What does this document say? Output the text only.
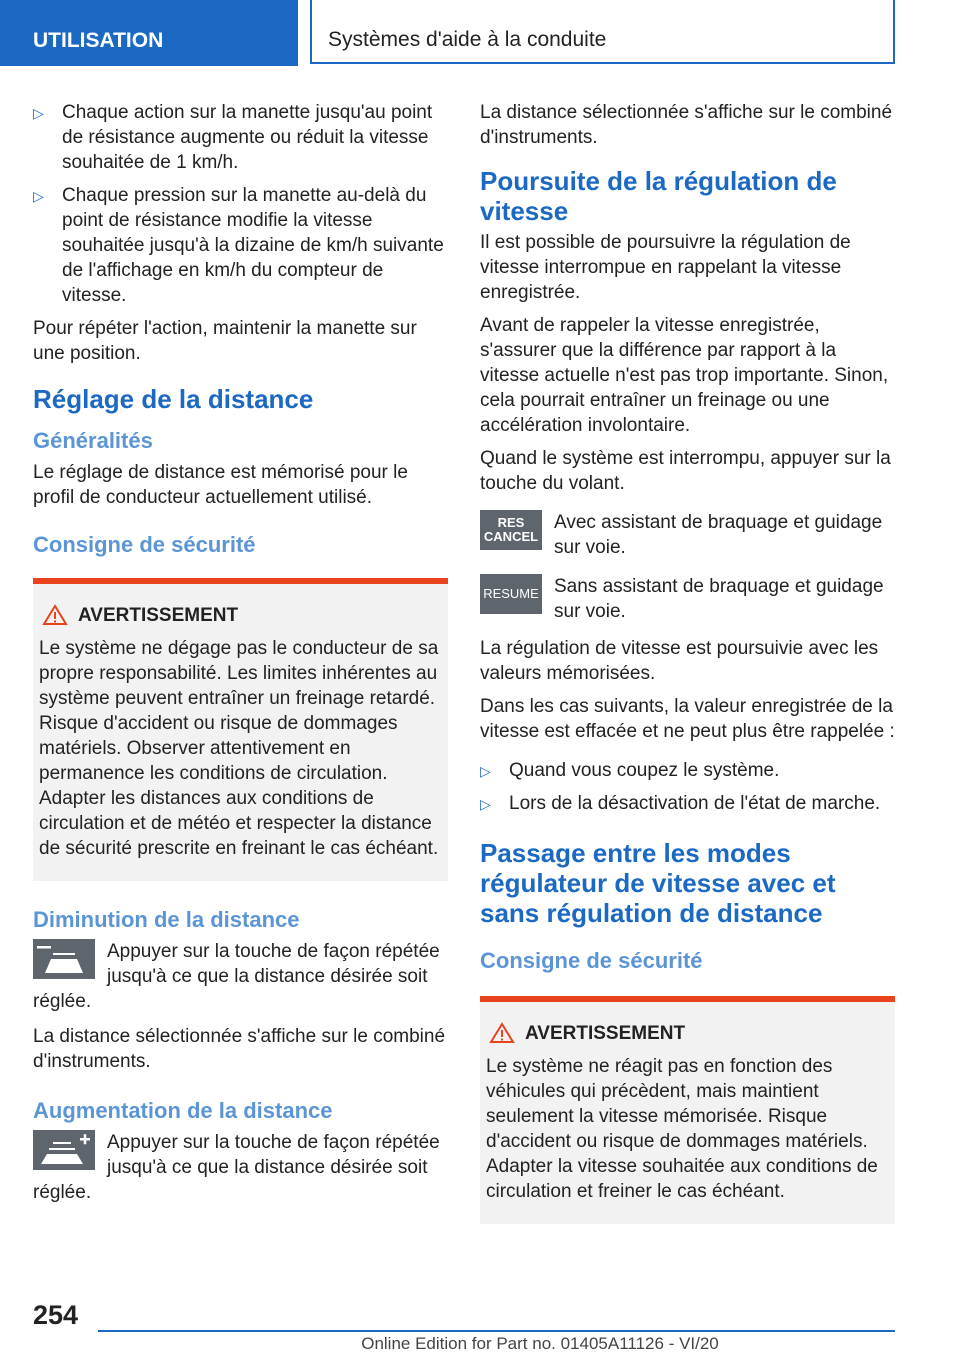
UTILISATION	Systèmes d'aide à la conduite
▷ Chaque action sur la manette jusqu'au point de résistance augmente ou réduit la vitesse souhaitée de 1 km/h.
▷ Chaque pression sur la manette au-delà du point de résistance modifie la vitesse souhaitée jusqu'à la dizaine de km/h suivante de l'affichage en km/h du compteur de vitesse.

Pour répéter l'action, maintenir la manette sur une position.

Réglage de la distance
Généralités

Le réglage de distance est mémorisé pour le profil de conducteur actuellement utilisé.

Consigne de sécurité
AVERTISSEMENT

Le système ne dégage pas le conducteur de sa propre responsabilité. Les limites inhérentes au système peuvent entraîner un freinage retardé. Risque d'accident ou risque de dommages matériels. Observer attentivement en permanence les conditions de circulation. Adapter les distances aux conditions de circulation et de météo et respecter la distance de sécurité prescrite en freinant le cas échéant.

Diminution de la distance

Appuyer sur la touche de façon répétée jusqu'à ce que la distance désirée soit réglée.

La distance sélectionnée s'affiche sur le combiné d'instruments.

Augmentation de la distance

Appuyer sur la touche de façon répétée jusqu'à ce que la distance désirée soit réglée.

La distance sélectionnée s'affiche sur le combiné d'instruments.

Poursuite de la régulation de vitesse

Il est possible de poursuivre la régulation de vitesse interrompue en rappelant la vitesse enregistrée.

Avant de rappeler la vitesse enregistrée, s'assurer que la différence par rapport à la vitesse actuelle n'est pas trop importante. Sinon, cela pourrait entraîner un freinage ou une accélération involontaire.

Quand le système est interrompu, appuyer sur la touche du volant.

RES
CANCEL

Avec assistant de braquage et guidage sur voie.

RESUME Sans assistant de braquage et guidage sur voie.

La régulation de vitesse est poursuivie avec les valeurs mémorisées.

Dans les cas suivants, la valeur enregistrée de la vitesse est effacée et ne peut plus être rappelée :

▷ Quand vous coupez le système.
▷ Lors de la désactivation de l'état de marche.
Passage entre les modes régulateur de vitesse avec et sans régulation de distance
Consigne de sécurité
AVERTISSEMENT

Le système ne réagit pas en fonction des véhicules qui précèdent, mais maintient seulement la vitesse mémorisée. Risque d'accident ou risque de dommages matériels. Adapter la vitesse souhaitée aux conditions de circulation et freiner le cas échéant.

254
Online Edition for Part no. 01405A11126 - VI/20
